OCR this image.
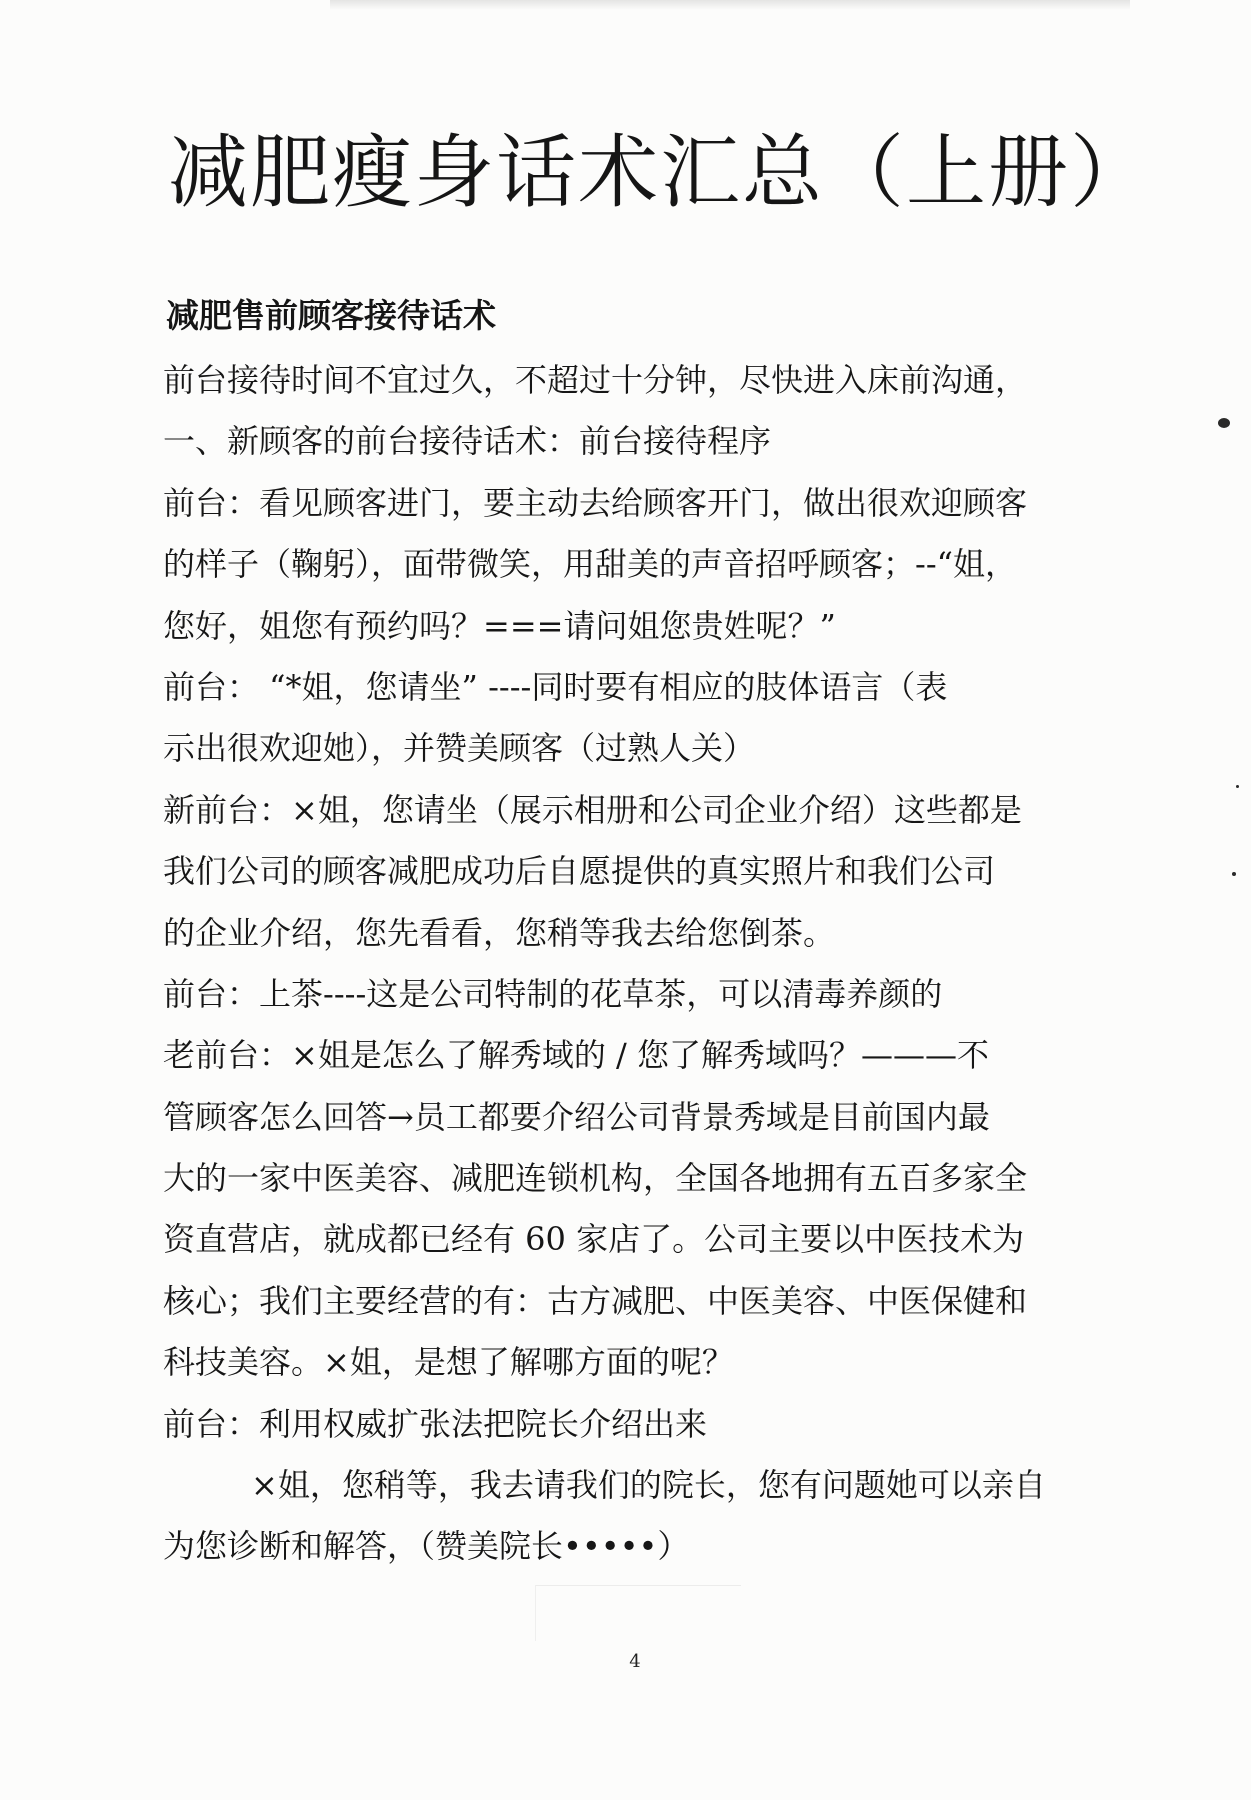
减肥瘦身话术汇总（上册）
减肥售前顾客接待话术
前台接待时间不宜过久，不超过十分钟，尽快进入床前沟通，
一、新顾客的前台接待话术：前台接待程序
前台：看见顾客进门，要主动去给顾客开门，做出很欢迎顾客
的样子（鞠躬），面带微笑，用甜美的声音招呼顾客；--“姐，
您好，姐您有预约吗？===请问姐您贵姓呢？”
前台： “*姐，您请坐” ----同时要有相应的肢体语言（表
示出很欢迎她），并赞美顾客（过熟人关）
新前台：×姐，您请坐（展示相册和公司企业介绍）这些都是
我们公司的顾客减肥成功后自愿提供的真实照片和我们公司
的企业介绍，您先看看，您稍等我去给您倒茶。
前台：上茶----这是公司特制的花草茶，可以清毒养颜的
老前台：×姐是怎么了解秀域的 / 您了解秀域吗？———不
管顾客怎么回答→员工都要介绍公司背景秀域是目前国内最
大的一家中医美容、减肥连锁机构，全国各地拥有五百多家全
资直营店，就成都已经有 60 家店了。公司主要以中医技术为
核心；我们主要经营的有：古方减肥、中医美容、中医保健和
科技美容。×姐，是想了解哪方面的呢？
前台：利用权威扩张法把院长介绍出来
×姐，您稍等，我去请我们的院长，您有问题她可以亲自
为您诊断和解答，（赞美院长•••••）
4
